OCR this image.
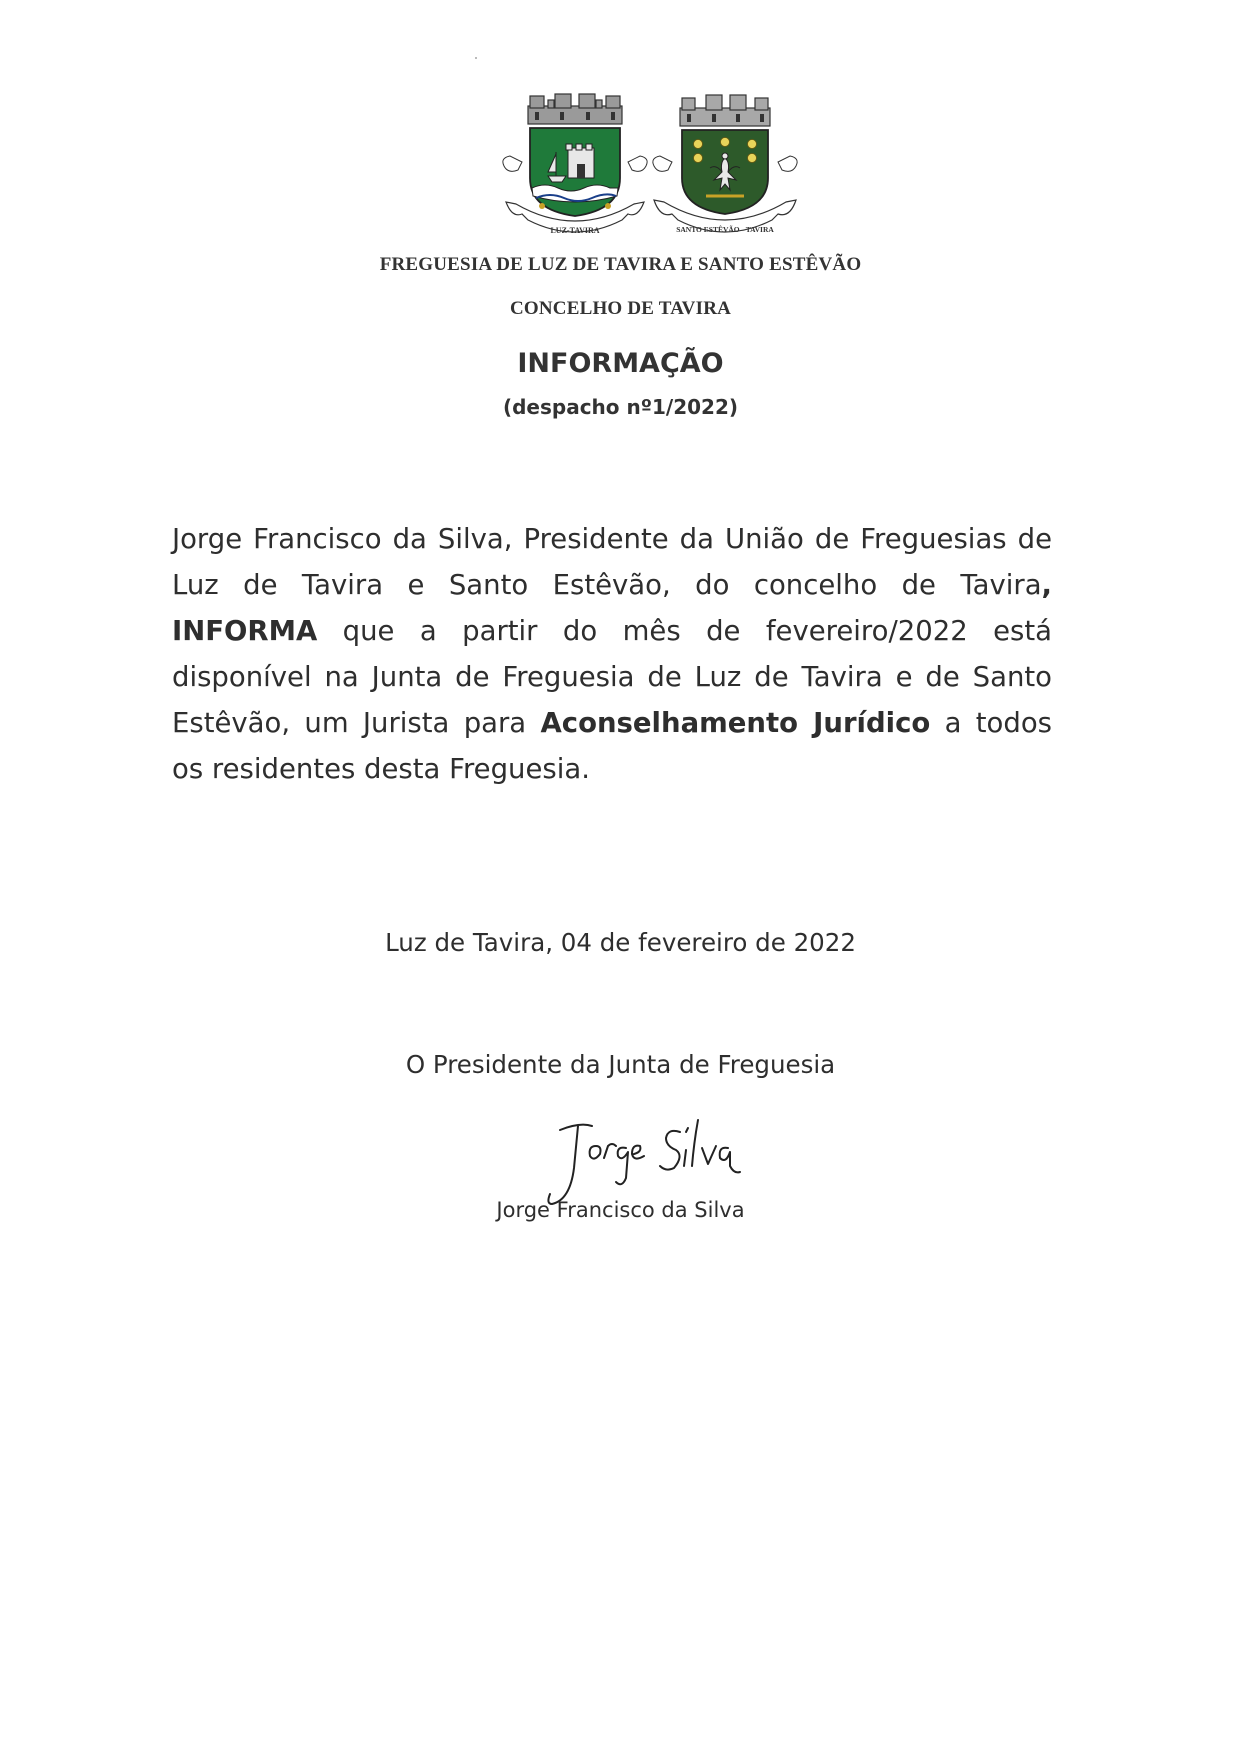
LUZ-TAVIRA	SANTO ESTÊVÃO - TAVIRA
FREGUESIA DE LUZ DE TAVIRA E SANTO ESTÊVÃO
CONCELHO DE TAVIRA
INFORMAÇÃO
(despacho nº1/2022)
Jorge Francisco da Silva, Presidente da União de Freguesias de Luz de Tavira e Santo Estêvão, do concelho de Tavira, INFORMA que a partir do mês de fevereiro/2022 está disponível na Junta de Freguesia de Luz de Tavira e de Santo Estêvão, um Jurista para Aconselhamento Jurídico a todos os residentes desta Freguesia.
Luz de Tavira, 04 de fevereiro de 2022
O Presidente da Junta de Freguesia
Jorge Francisco da Silva
